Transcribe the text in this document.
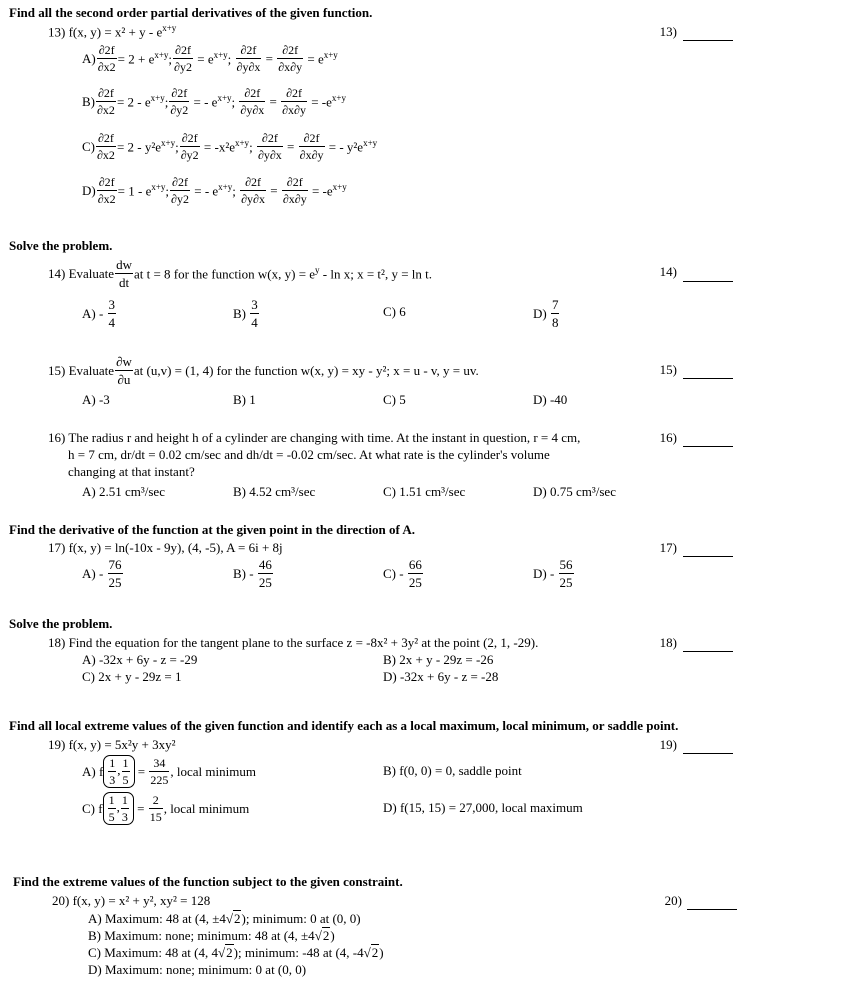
Find all the second order partial derivatives of the given function.
13) f(x, $y) = x^2 + y - e^{x+y}$	13)
$A) \frac{\partial 2f}{\partial x2} = 2 + e^{x+y}$; $\frac{\partial 2f}{\partial y2} = e^{x+y}$; $\frac{\partial 2f}{\partial y\partial x} = \frac{\partial 2f}{\partial x\partial y} = e^{x+y}$
$B) \frac{\partial 2f}{\partial x2} = 2 - e^{x+y}$; $\frac{\partial 2f}{\partial y2}$ = - $e^{x+y}$; $\frac{\partial 2f}{\partial y\partial x} = \frac{\partial 2f}{\partial x\partial y} = -e^{x+y}$
$C) \frac{\partial 2f}{\partial x2} = 2 - y^2e^{x+y}$; $\frac{\partial 2f}{\partial y2} = -x^2e^{x+y}$; $\frac{\partial 2f}{\partial y\partial x} = \frac{\partial 2f}{\partial x\partial y}$ = - $y^2e^{x+y}$
$D) \frac{\partial 2f}{\partial x2} = 1 - e^{x+y}$; $\frac{\partial 2f}{\partial y2}$ = - $e^{x+y}$; $\frac{\partial 2f}{\partial y\partial x} = \frac{\partial 2f}{\partial x\partial y} = -e^{x+y}$
Solve the problem.
14) Evaluate
dw
dt
at t = 8 for the function w(x, $y) = e^y - \ln x$; x = t², y = ln t.	14)
A) -

3
4
B)

3
4
C) 6	D)

7
8
15) Evaluate
∂w
∂u
at (u,v) = (1, 4) for the function w(x, y) = xy - y²; x = u - v, y = uv.	15)
A) -3	B) 1	C) 5	D) -40
16) The radius r and height h of a cylinder are changing with time. At the instant in question, r = 4 cm,
h = 7 cm, dr/dt = 0.02 cm/sec and dh/dt = -0.02 cm/sec. At what rate is the cylinder's volume
changing at that instant?
16)
A) 2.51 cm³/sec	B) 4.52 cm³/sec	C) 1.51 cm³/sec	D) 0.75 cm³/sec
Find the derivative of the function at the given point in the direction of A.
17) f(x, y) = ln(-10x - 9y), (4, -5), A = 6i + 8j	17)
A) -

76
25
B) -

46
25
C) -

66
25
D) -

56
25
Solve the problem.
18) Find the equation for the tangent plane to the surface z = -8x² + 3y² at the point (2, 1, -29).	18)
A) -32x + 6y - z = -29	B) 2x + y - 29z = -26
C) 2x + y - 29z = 1	D) -32x + 6y - z = -28
Find all local extreme values of the given function and identify each as a local maximum, local minimum, or saddle point.
19) f(x, y) = 5x²y + 3xy²	19)
A) f $\frac{1}{3}$ , $\frac{1}{5} = \frac{34}{225}$ , local minimum	B) f(0, 0) = 0, saddle point
C) f $\frac{1}{5}$ , $\frac{1}{3} = \frac{2}{15}$ , local minimum	D) f(15, 15) = 27,000, local maximum
Find the extreme values of the function subject to the given constraint.
20) f(x, y) = x² + y², xy² = 128	20)
A) Maximum: 48 at (4, ±4√2); minimum: 0 at (0, 0)
B) Maximum: none; minimum: 48 at (4, ±4√2)
C) Maximum: 48 at (4, 4√2); minimum: -48 at (4, -4√2)
D) Maximum: none; minimum: 0 at (0, 0)
